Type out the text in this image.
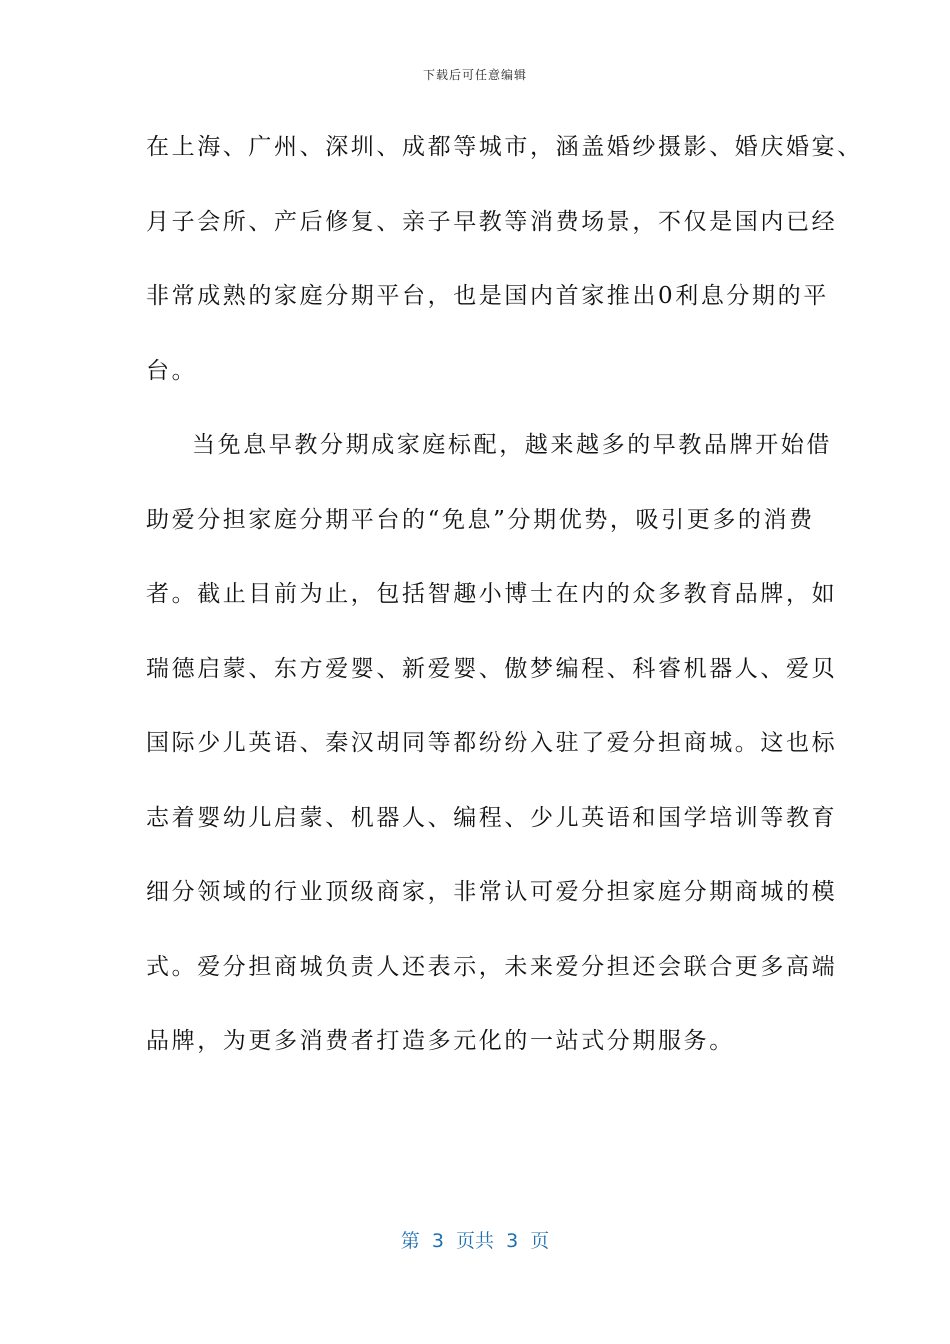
下载后可任意编辑
在上海、广州、深圳、成都等城市，涵盖婚纱摄影、婚庆婚宴、
月子会所、产后修复、亲子早教等消费场景，不仅是国内已经
非常成熟的家庭分期平台，也是国内首家推出0利息分期的平
台。
当免息早教分期成家庭标配，越来越多的早教品牌开始借
助爱分担家庭分期平台的“免息”分期优势，吸引更多的消费
者。截止目前为止，包括智趣小博士在内的众多教育品牌，如
瑞德启蒙、东方爱婴、新爱婴、傲梦编程、科睿机器人、爱贝
国际少儿英语、秦汉胡同等都纷纷入驻了爱分担商城。这也标
志着婴幼儿启蒙、机器人、编程、少儿英语和国学培训等教育
细分领域的行业顶级商家，非常认可爱分担家庭分期商城的模
式。爱分担商城负责人还表示，未来爱分担还会联合更多高端
品牌，为更多消费者打造多元化的一站式分期服务。
第  3  页共  3  页
